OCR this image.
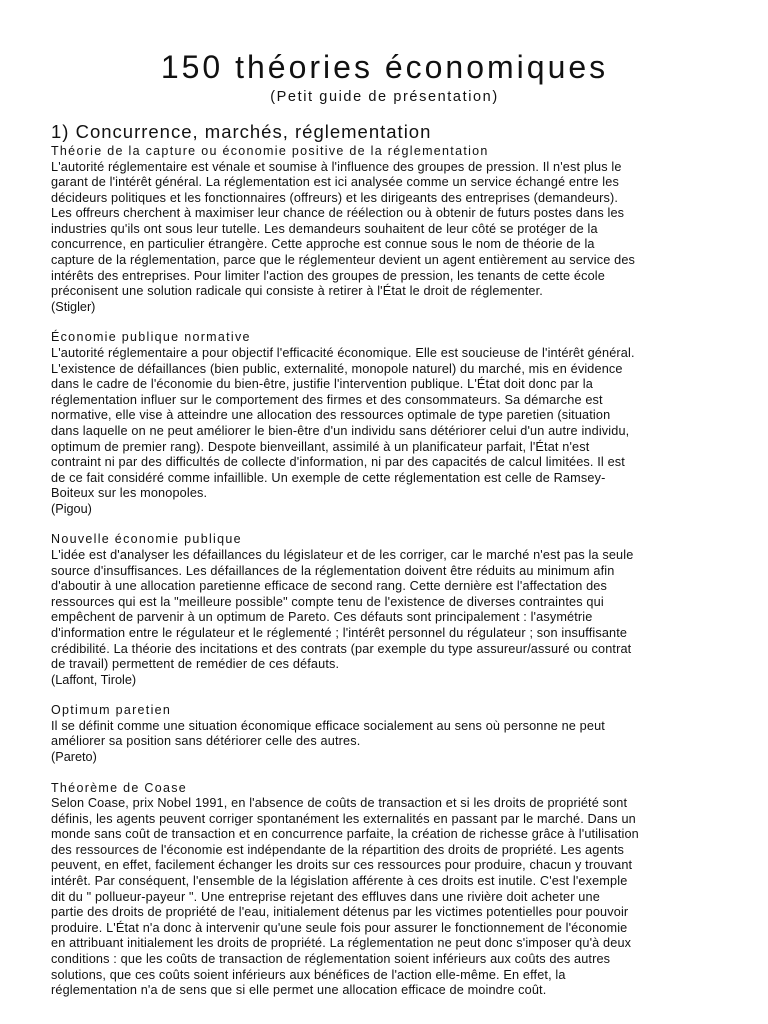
150 théories économiques

(Petit guide de présentation)

1) Concurrence, marchés, réglementation

Théorie de la capture ou économie positive de la réglementation

L'autorité réglementaire est vénale et soumise à l'influence des groupes de pression. Il n'est plus le
garant de l'intérêt général. La réglementation est ici analysée comme un service échangé entre les
décideurs politiques et les fonctionnaires (offreurs) et les dirigeants des entreprises (demandeurs).
Les offreurs cherchent à maximiser leur chance de réélection ou à obtenir de futurs postes dans les
industries qu'ils ont sous leur tutelle. Les demandeurs souhaitent de leur côté se protéger de la
concurrence, en particulier étrangère. Cette approche est connue sous le nom de théorie de la
capture de la réglementation, parce que le réglementeur devient un agent entièrement au service des
intérêts des entreprises. Pour limiter l'action des groupes de pression, les tenants de cette école
préconisent une solution radicale qui consiste à retirer à l'État le droit de réglementer.

(Stigler)

Économie publique normative

L'autorité réglementaire a pour objectif l'efficacité économique. Elle est soucieuse de l'intérêt général.
L'existence de défaillances (bien public, externalité, monopole naturel) du marché, mis en évidence
dans le cadre de l'économie du bien-être, justifie l'intervention publique. L'État doit donc par la
réglementation influer sur le comportement des firmes et des consommateurs. Sa démarche est
normative, elle vise à atteindre une allocation des ressources optimale de type paretien (situation
dans laquelle on ne peut améliorer le bien-être d'un individu sans détériorer celui d'un autre individu,
optimum de premier rang). Despote bienveillant, assimilé à un planificateur parfait, l'État n'est
contraint ni par des difficultés de collecte d'information, ni par des capacités de calcul limitées. Il est
de ce fait considéré comme infaillible. Un exemple de cette réglementation est celle de Ramsey-
Boiteux sur les monopoles.

(Pigou)

Nouvelle économie publique

L'idée est d'analyser les défaillances du législateur et de les corriger, car le marché n'est pas la seule
source d'insuffisances. Les défaillances de la réglementation doivent être réduits au minimum afin
d'aboutir à une allocation paretienne efficace de second rang. Cette dernière est l'affectation des
ressources qui est la "meilleure possible" compte tenu de l'existence de diverses contraintes qui
empêchent de parvenir à un optimum de Pareto. Ces défauts sont principalement : l'asymétrie
d'information entre le régulateur et le réglementé ; l'intérêt personnel du régulateur ; son insuffisante
crédibilité. La théorie des incitations et des contrats (par exemple du type assureur/assuré ou contrat
de travail) permettent de remédier de ces défauts.

(Laffont, Tirole)

Optimum paretien

Il se définit comme une situation économique efficace socialement au sens où personne ne peut
améliorer sa position sans détériorer celle des autres.

(Pareto)

Théorème de Coase

Selon Coase, prix Nobel 1991, en l'absence de coûts de transaction et si les droits de propriété sont
définis, les agents peuvent corriger spontanément les externalités en passant par le marché. Dans un
monde sans coût de transaction et en concurrence parfaite, la création de richesse grâce à l'utilisation
des ressources de l'économie est indépendante de la répartition des droits de propriété. Les agents
peuvent, en effet, facilement échanger les droits sur ces ressources pour produire, chacun y trouvant
intérêt. Par conséquent, l'ensemble de la législation afférente à ces droits est inutile. C'est l'exemple
dit du " pollueur-payeur ". Une entreprise rejetant des effluves dans une rivière doit acheter une
partie des droits de propriété de l'eau, initialement détenus par les victimes potentielles pour pouvoir
produire. L'État n'a donc à intervenir qu'une seule fois pour assurer le fonctionnement de l'économie
en attribuant initialement les droits de propriété. La réglementation ne peut donc s'imposer qu'à deux
conditions : que les coûts de transaction de réglementation soient inférieurs aux coûts des autres
solutions, que ces coûts soient inférieurs aux bénéfices de l'action elle-même. En effet, la
réglementation n'a de sens que si elle permet une allocation efficace de moindre coût.
